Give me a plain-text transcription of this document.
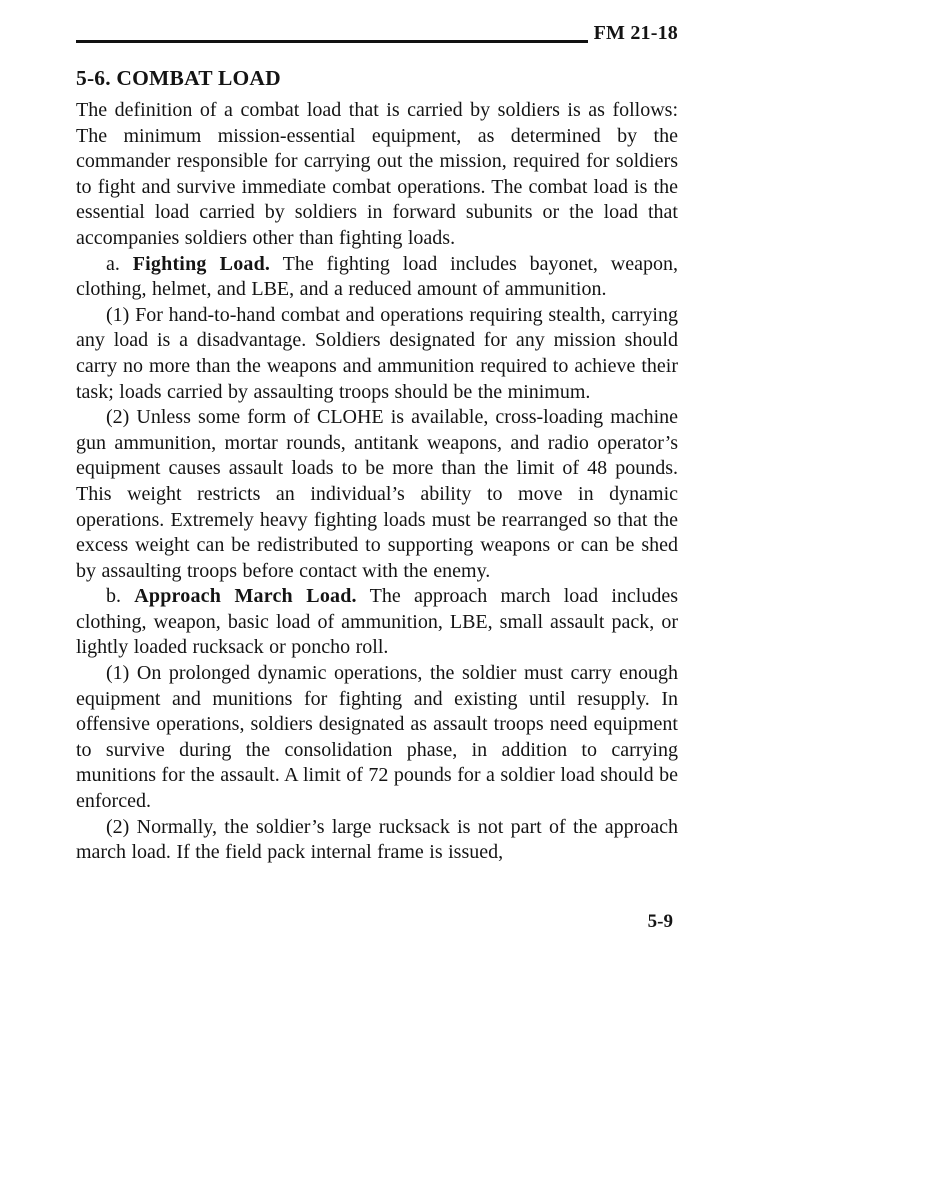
FM 21-18
5-6. COMBAT LOAD

The definition of a combat load that is carried by soldiers is as follows: The minimum mission-essential equipment, as determined by the commander responsible for carrying out the mission, required for soldiers to fight and survive immediate combat operations. The combat load is the essential load carried by soldiers in forward subunits or the load that accompanies soldiers other than fighting loads.

a. Fighting Load. The fighting load includes bayonet, weapon, clothing, helmet, and LBE, and a reduced amount of ammunition.

(1) For hand-to-hand combat and operations requiring stealth, carrying any load is a disadvantage. Soldiers designated for any mission should carry no more than the weapons and ammunition required to achieve their task; loads carried by assaulting troops should be the minimum.

(2) Unless some form of CLOHE is available, cross-loading machine gun ammunition, mortar rounds, antitank weapons, and radio operator’s equipment causes assault loads to be more than the limit of 48 pounds. This weight restricts an individual’s ability to move in dynamic operations. Extremely heavy fighting loads must be rearranged so that the excess weight can be redistributed to supporting weapons or can be shed by assaulting troops before contact with the enemy.

b. Approach March Load. The approach march load includes clothing, weapon, basic load of ammunition, LBE, small assault pack, or lightly loaded rucksack or poncho roll.

(1) On prolonged dynamic operations, the soldier must carry enough equipment and munitions for fighting and existing until resupply. In offensive operations, soldiers designated as assault troops need equipment to survive during the consolidation phase, in addition to carrying munitions for the assault. A limit of 72 pounds for a soldier load should be enforced.

(2) Normally, the soldier’s large rucksack is not part of the approach march load. If the field pack internal frame is issued,

5-9
